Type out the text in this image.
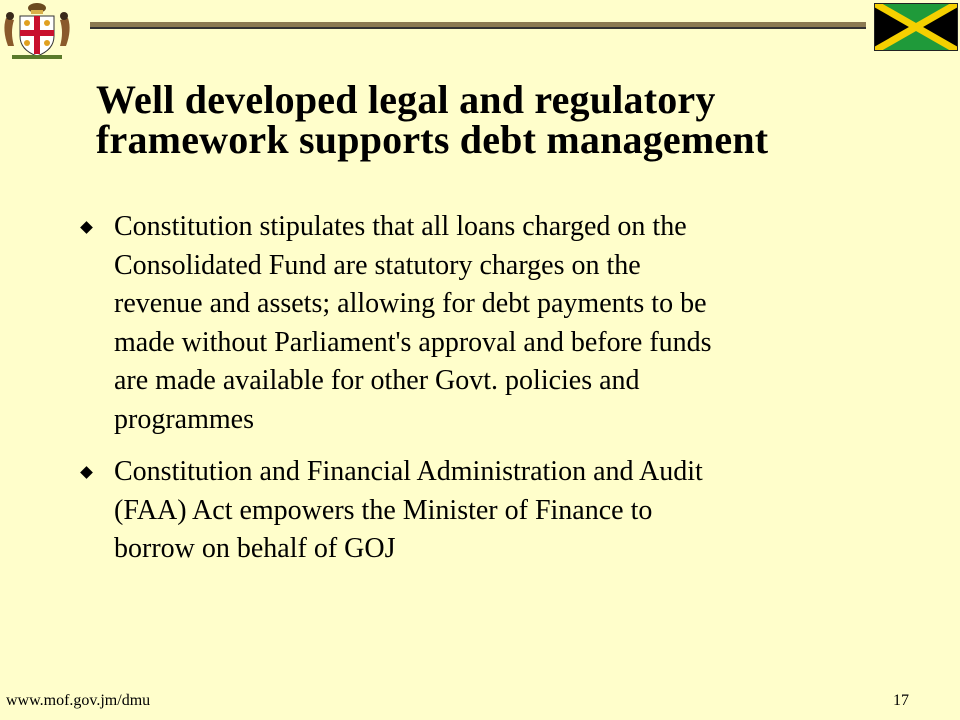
Well developed legal and regulatory
framework supports debt management
Constitution stipulates that all loans charged on the
Consolidated Fund are statutory charges on the
revenue and assets; allowing for debt payments to be
made without Parliament's approval and before funds
are made available for other Govt. policies and
programmes
Constitution and Financial Administration and Audit
(FAA) Act empowers the Minister of Finance to
borrow on behalf of GOJ
www.mof.gov.jm/dmu	17
